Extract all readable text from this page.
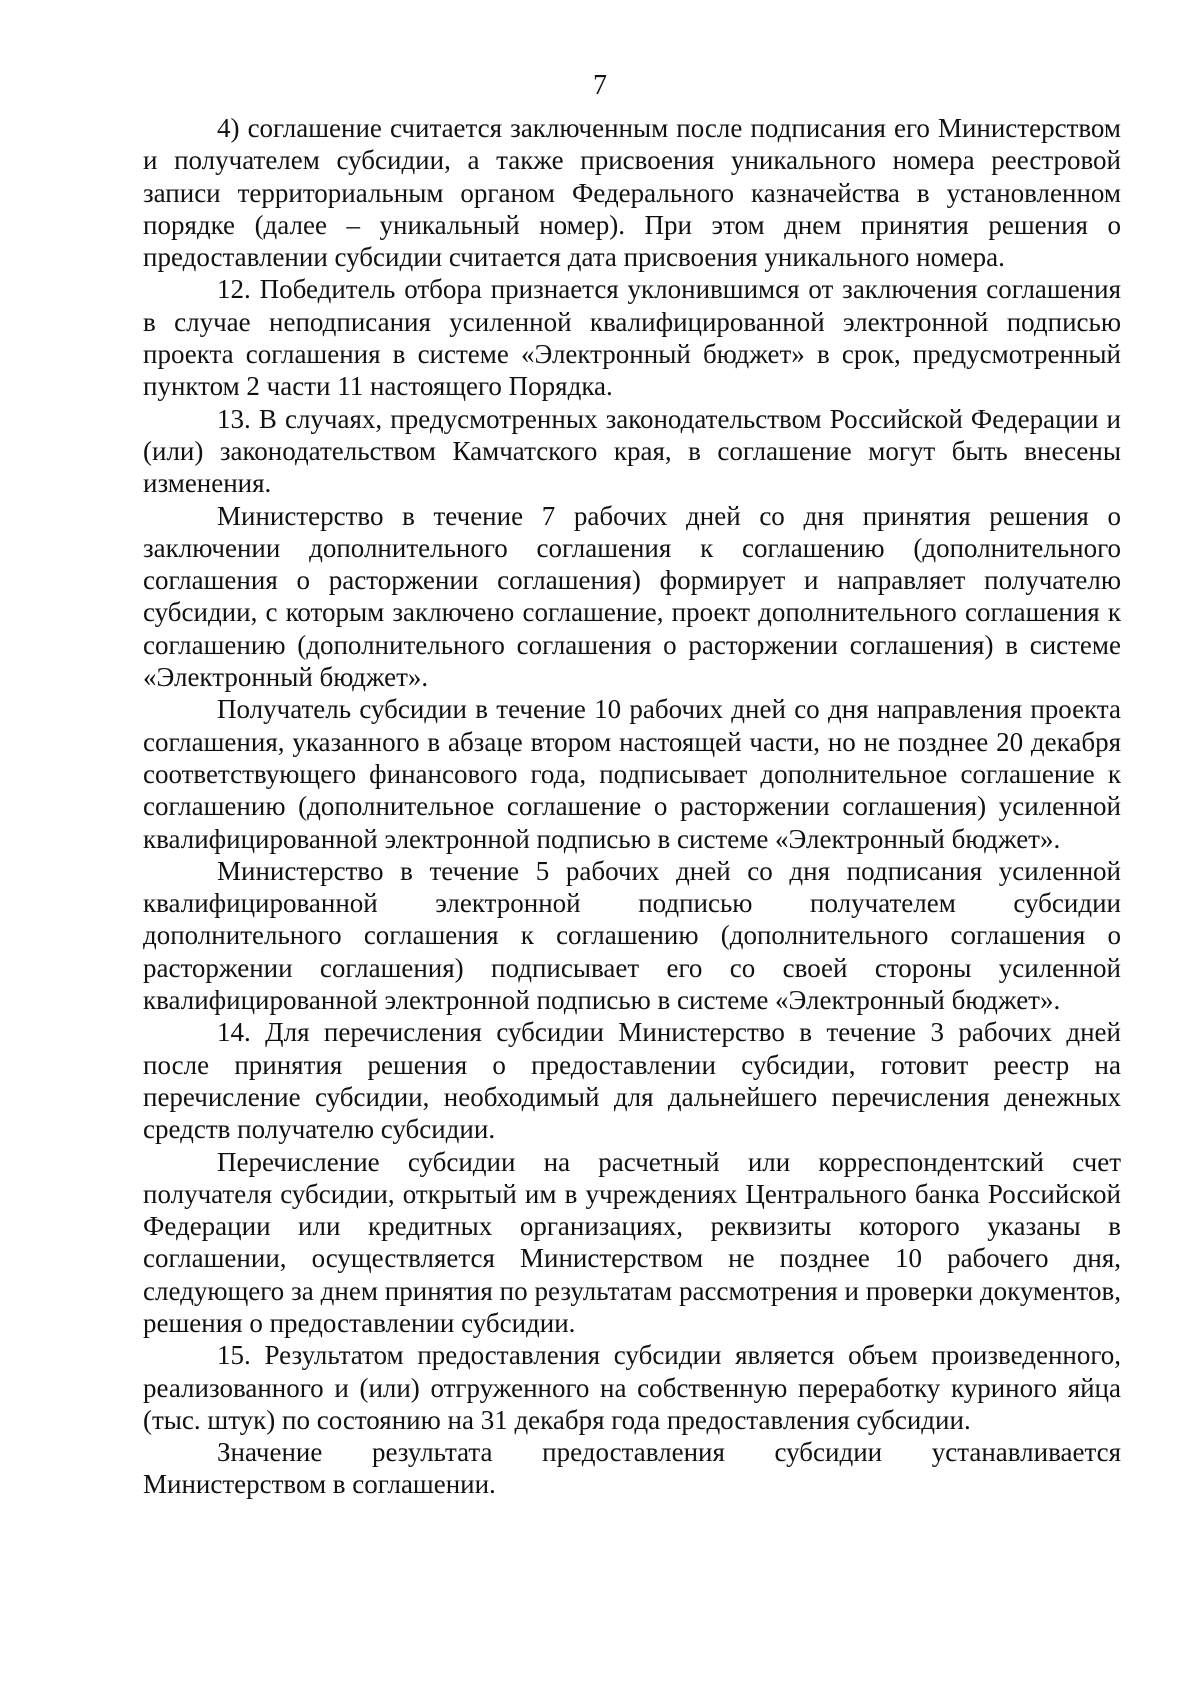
7

4) соглашение считается заключенным после подписания его Министерством и получателем субсидии, а также присвоения уникального номера реестровой записи территориальным органом Федерального казначейства в установленном порядке (далее – уникальный номер). При этом днем принятия решения о предоставлении субсидии считается дата присвоения уникального номера.

12. Победитель отбора признается уклонившимся от заключения соглашения в случае неподписания усиленной квалифицированной электронной подписью проекта соглашения в системе «Электронный бюджет» в срок, предусмотренный пунктом 2 части 11 настоящего Порядка.

13. В случаях, предусмотренных законодательством Российской Федерации и (или) законодательством Камчатского края, в соглашение могут быть внесены изменения.

Министерство в течение 7 рабочих дней со дня принятия решения о заключении дополнительного соглашения к соглашению (дополнительного соглашения о расторжении соглашения) формирует и направляет получателю субсидии, с которым заключено соглашение, проект дополнительного соглашения к соглашению (дополнительного соглашения о расторжении соглашения) в системе «Электронный бюджет».

Получатель субсидии в течение 10 рабочих дней со дня направления проекта соглашения, указанного в абзаце втором настоящей части, но не позднее 20 декабря соответствующего финансового года, подписывает дополнительное соглашение к соглашению (дополнительное соглашение о расторжении соглашения) усиленной квалифицированной электронной подписью в системе «Электронный бюджет».

Министерство в течение 5 рабочих дней со дня подписания усиленной квалифицированной электронной подписью получателем субсидии дополнительного соглашения к соглашению (дополнительного соглашения о расторжении соглашения) подписывает его со своей стороны усиленной квалифицированной электронной подписью в системе «Электронный бюджет».

14. Для перечисления субсидии Министерство в течение 3 рабочих дней после принятия решения о предоставлении субсидии, готовит реестр на перечисление субсидии, необходимый для дальнейшего перечисления денежных средств получателю субсидии.

Перечисление субсидии на расчетный или корреспондентский счет получателя субсидии, открытый им в учреждениях Центрального банка Российской Федерации или кредитных организациях, реквизиты которого указаны в соглашении, осуществляется Министерством не позднее 10 рабочего дня, следующего за днем принятия по результатам рассмотрения и проверки документов, решения о предоставлении субсидии.

15. Результатом предоставления субсидии является объем произведенного, реализованного и (или) отгруженного на собственную переработку куриного яйца (тыс. штук) по состоянию на 31 декабря года предоставления субсидии.

Значение результата предоставления субсидии устанавливается Министерством в соглашении.
